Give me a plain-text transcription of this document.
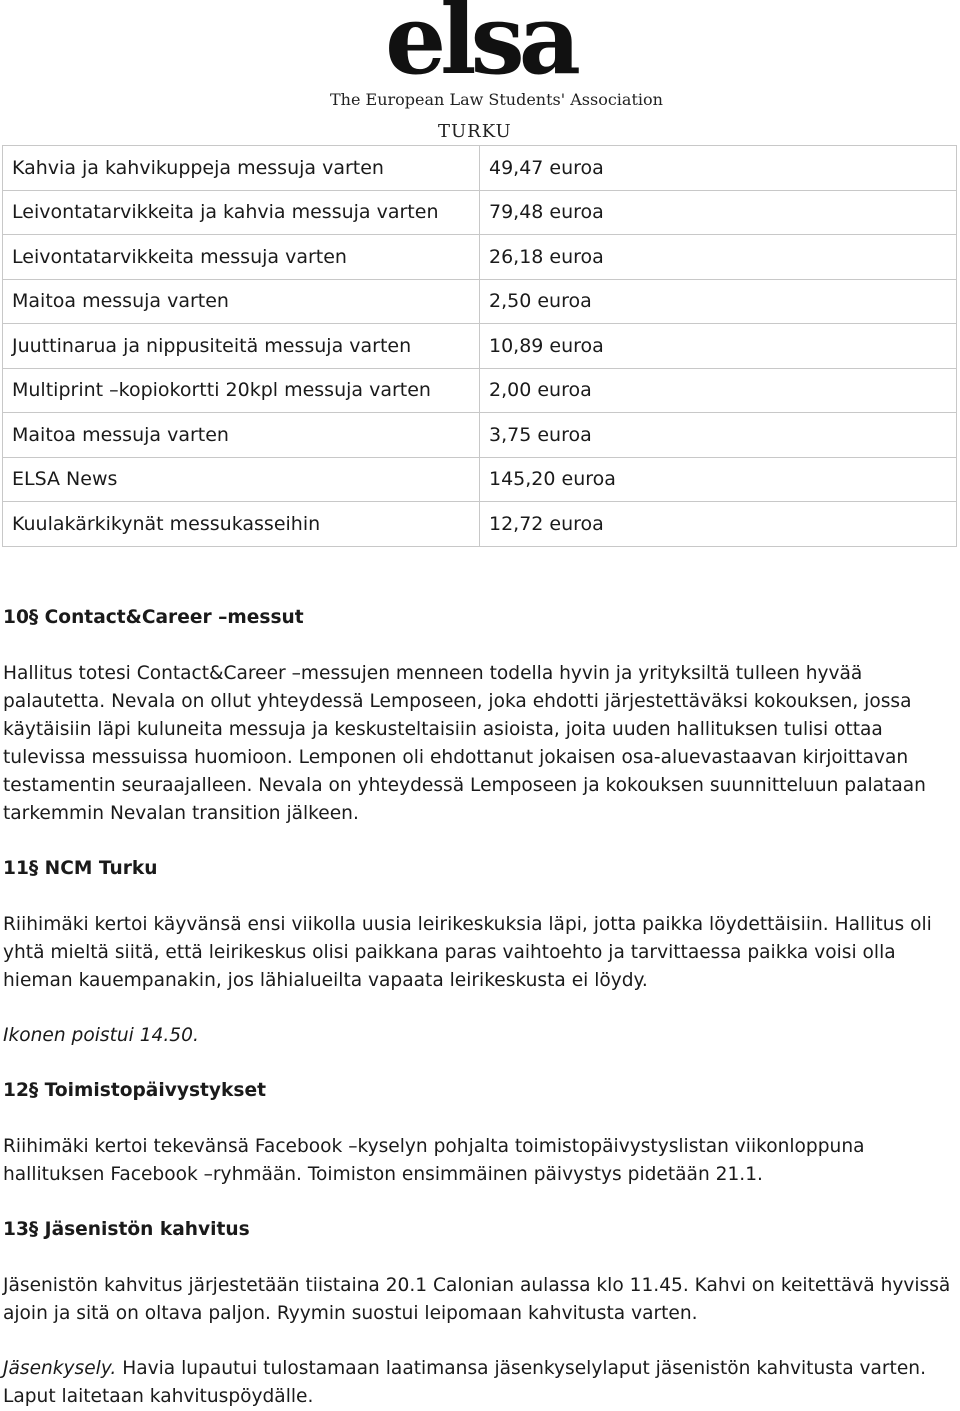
elsa
The European Law Students' Association
TURKU
Kahvia ja kahvikuppeja messuja varten	49,47 euroa
Leivontatarvikkeita ja kahvia messuja varten	79,48 euroa
Leivontatarvikkeita messuja varten	26,18 euroa
Maitoa messuja varten	2,50 euroa
Juuttinarua ja nippusiteitä messuja varten	10,89 euroa
Multiprint –kopiokortti 20kpl messuja varten	2,00 euroa
Maitoa messuja varten	3,75 euroa
ELSA News	145,20 euroa
Kuulakärkikynät messukasseihin	12,72 euroa

10§ Contact&Career –messut

Hallitus totesi Contact&Career –messujen menneen todella hyvin ja yrityksiltä tulleen hyvää palautetta. Nevala on ollut yhteydessä Lemposeen, joka ehdotti järjestettäväksi kokouksen, jossa käytäisiin läpi kuluneita messuja ja keskusteltaisiin asioista, joita uuden hallituksen tulisi ottaa tulevissa messuissa huomioon. Lemponen oli ehdottanut jokaisen osa-aluevastaavan kirjoittavan testamentin seuraajalleen. Nevala on yhteydessä Lemposeen ja kokouksen suunnitteluun palataan tarkemmin Nevalan transition jälkeen.

11§ NCM Turku

Riihimäki kertoi käyvänsä ensi viikolla uusia leirikeskuksia läpi, jotta paikka löydettäisiin. Hallitus oli yhtä mieltä siitä, että leirikeskus olisi paikkana paras vaihtoehto ja tarvittaessa paikka voisi olla hieman kauempanakin, jos lähialueilta vapaata leirikeskusta ei löydy.

Ikonen poistui 14.50.

12§ Toimistopäivystykset

Riihimäki kertoi tekevänsä Facebook –kyselyn pohjalta toimistopäivystyslistan viikonloppuna hallituksen Facebook –ryhmään. Toimiston ensimmäinen päivystys pidetään 21.1.

13§ Jäsenistön kahvitus

Jäsenistön kahvitus järjestetään tiistaina 20.1 Calonian aulassa klo 11.45. Kahvi on keitettävä hyvissä ajoin ja sitä on oltava paljon. Ryymin suostui leipomaan kahvitusta varten.

Jäsenkysely. Havia lupautui tulostamaan laatimansa jäsenkyselylaput jäsenistön kahvitusta varten. Laput laitetaan kahvituspöydälle.
